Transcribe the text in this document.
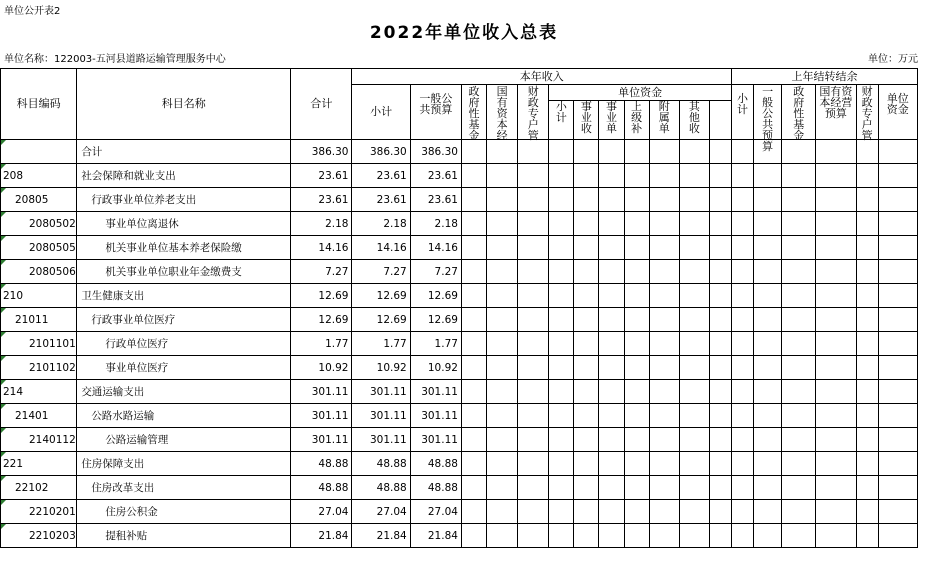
单位公开表2
2022年单位收入总表
单位名称：122003-五河县道路运输管理服务中心	单位：万元
科目编码	科目名称	合计	本年收入												上年结转结余					
			小计	一般公共预算	政府性基金	国有资本经	财政专户管	单位资金							小计	一般公共预算	政府性基金	国有资本经营预算	财政专户管	单位资金

								小计	事业收	事业单	上级补	附属单	其他收							

	合计	386.30	386.30	386.30																
208	社会保障和就业支出	23.61	23.61	23.61																
20805	行政事业单位养老支出	23.61	23.61	23.61																
2080502	事业单位离退休	2.18	2.18	2.18																
2080505	机关事业单位基本养老保险缴	14.16	14.16	14.16																
2080506	机关事业单位职业年金缴费支	7.27	7.27	7.27																
210	卫生健康支出	12.69	12.69	12.69																
21011	行政事业单位医疗	12.69	12.69	12.69																
2101101	行政单位医疗	1.77	1.77	1.77																
2101102	事业单位医疗	10.92	10.92	10.92																
214	交通运输支出	301.11	301.11	301.11																
21401	公路水路运输	301.11	301.11	301.11																
2140112	公路运输管理	301.11	301.11	301.11																
221	住房保障支出	48.88	48.88	48.88																
22102	住房改革支出	48.88	48.88	48.88																
2210201	住房公积金	27.04	27.04	27.04																
2210203	提租补贴	21.84	21.84	21.84																
